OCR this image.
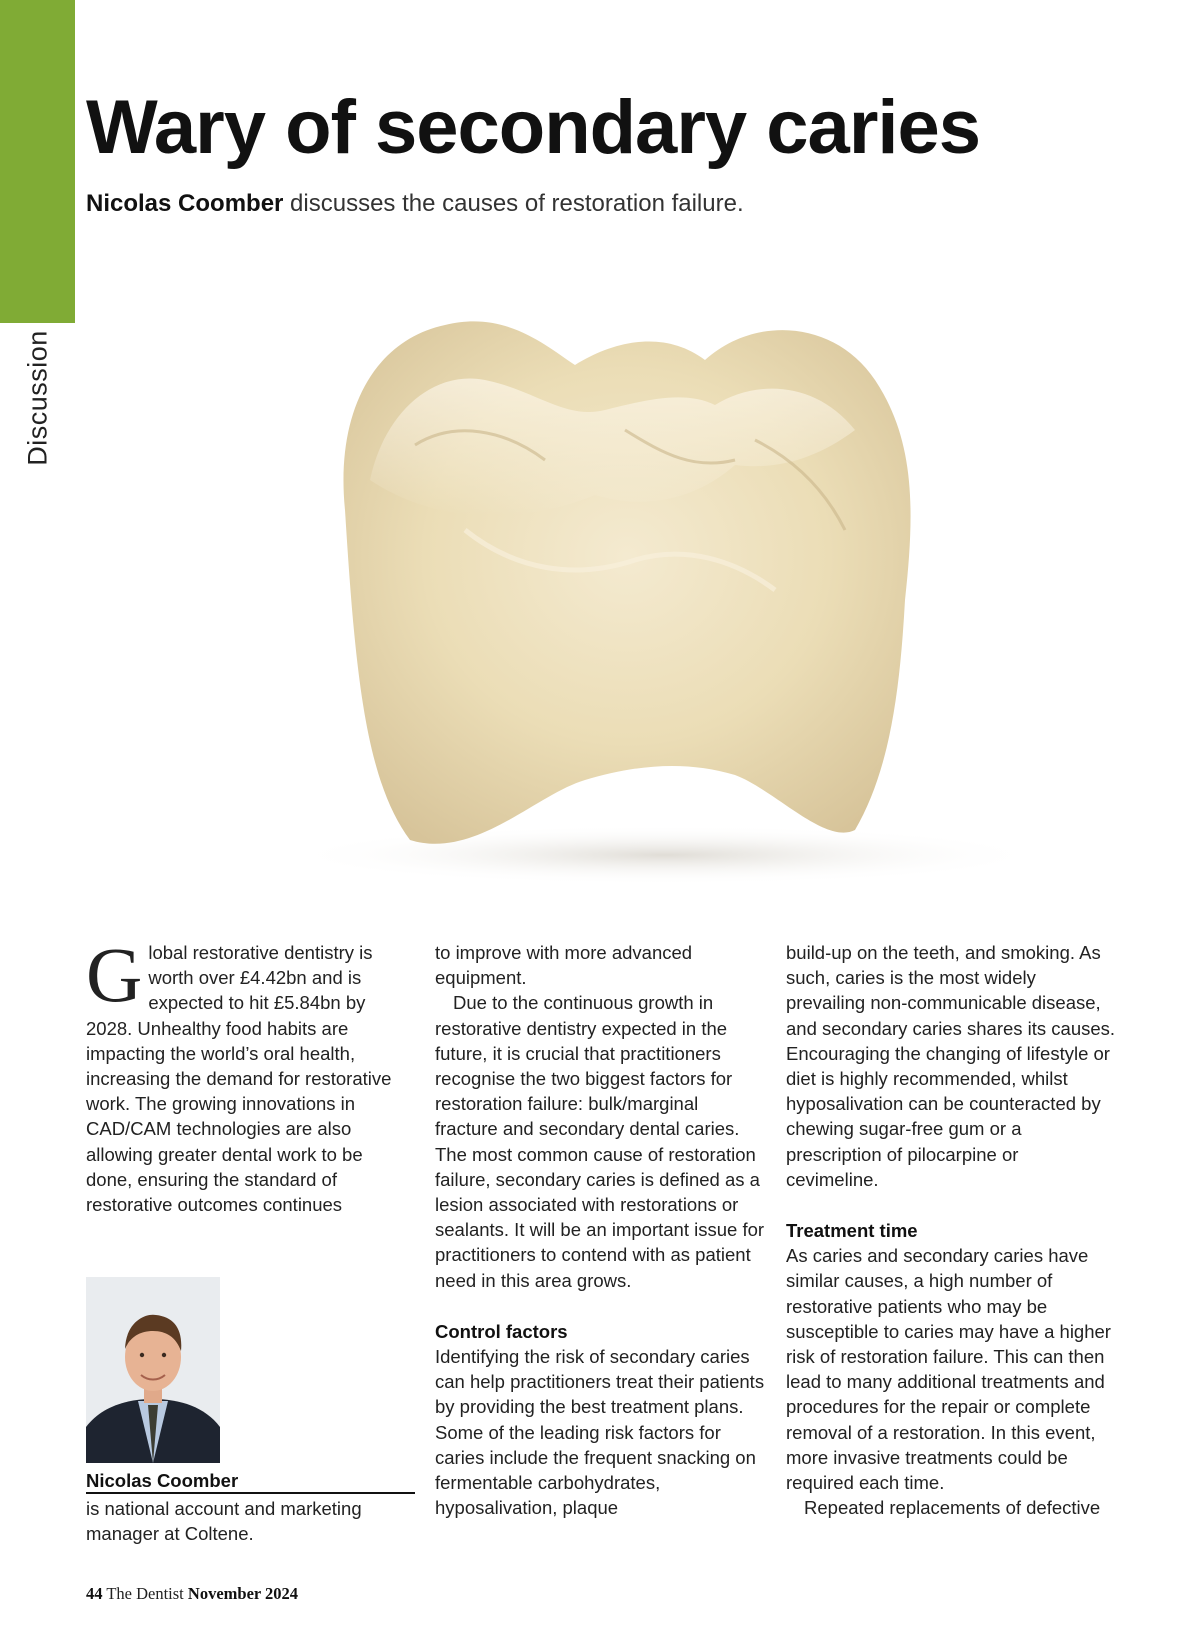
Discussion
Wary of secondary caries
Nicolas Coomber discusses the causes of restoration failure.

Global restorative dentistry is worth over £4.42bn and is expected to hit £5.84bn by 2028. Unhealthy food habits are impacting the world’s oral health, increasing the demand for restorative work. The growing innovations in CAD/CAM technologies are also allowing greater dental work to be done, ensuring the standard of restorative outcomes continues

to improve with more advanced equipment.

Due to the continuous growth in restorative dentistry expected in the future, it is crucial that practitioners recognise the two biggest factors for restoration failure: bulk/marginal fracture and secondary dental caries. The most common cause of restoration failure, secondary caries is defined as a lesion associated with restorations or sealants. It will be an important issue for practitioners to contend with as patient need in this area grows.

Control factors

Identifying the risk of secondary caries can help practitioners treat their patients by providing the best treatment plans. Some of the leading risk factors for caries include the frequent snacking on fermentable carbohydrates, hyposalivation, plaque

build-up on the teeth, and smoking. As such, caries is the most widely prevailing non-communicable disease, and secondary caries shares its causes. Encouraging the changing of lifestyle or diet is highly recommended, whilst hyposalivation can be counteracted by chewing sugar-free gum or a prescription of pilocarpine or cevimeline.

Treatment time

As caries and secondary caries have similar causes, a high number of restorative patients who may be susceptible to caries may have a higher risk of restoration failure. This can then lead to many additional treatments and procedures for the repair or complete removal of a restoration. In this event, more invasive treatments could be required each time.

Repeated replacements of defective

Nicolas Coomber
is national account and marketing manager at Coltene.
44 The Dentist November 2024
